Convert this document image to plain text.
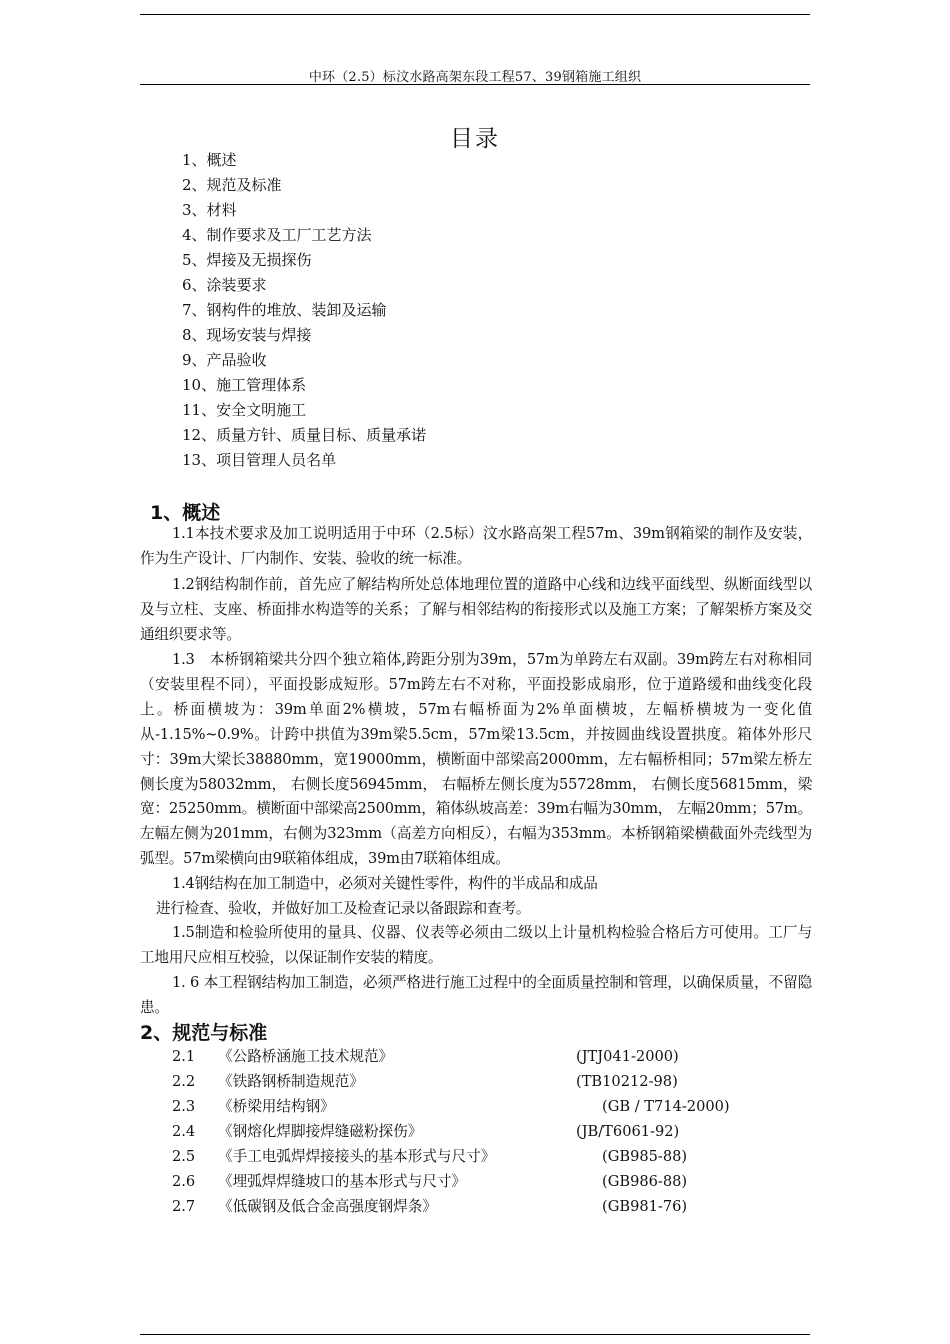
中环（2.5）标汶水路高架东段工程57、39钢箱施工组织
目录
1、概述
2、规范及标准
3、材料
4、制作要求及工厂工艺方法
5、焊接及无损探伤
6、涂装要求
7、钢构件的堆放、装卸及运输
8、现场安装与焊接
9、产品验收
10、施工管理体系
11、安全文明施工
12、质量方针、质量目标、质量承诺
13、项目管理人员名单
1、概述
1.1本技术要求及加工说明适用于中环（2.5标）汶水路高架工程57m、39m钢箱梁的制作及安装，作为生产设计、厂内制作、安装、验收的统一标准。
1.2钢结构制作前，首先应了解结构所处总体地理位置的道路中心线和边线平面线型、纵断面线型以及与立柱、支座、桥面排水构造等的关系；了解与相邻结构的衔接形式以及施工方案；了解架桥方案及交通组织要求等。
1.3　本桥钢箱梁共分四个独立箱体,跨距分别为39m，57m为单跨左右双副。39m跨左右对称相同（安装里程不同），平面投影成短形。57m跨左右不对称，平面投影成扇形，位于道路缓和曲线变化段上。桥面横坡为：39m单面2%横坡，57m右幅桥面为2%单面横坡，左幅桥横坡为一变化值从-1.15%~0.9%。计跨中拱值为39m梁5.5cm，57m梁13.5cm，并按圆曲线设置拱度。箱体外形尺寸：39m大梁长38880mm，宽19000mm，横断面中部梁高2000mm，左右幅桥相同；57m梁左桥左侧长度为58032mm， 右侧长度56945mm， 右幅桥左侧长度为55728mm， 右侧长度56815mm，梁宽：25250mm。横断面中部梁高2500mm，箱体纵坡高差：39m右幅为30mm， 左幅20mm；57m。左幅左侧为201mm，右侧为323mm（高差方向相反），右幅为353mm。本桥钢箱梁横截面外壳线型为弧型。57m梁横向由9联箱体组成，39m由7联箱体组成。
1.4钢结构在加工制造中，必须对关键性零件，构件的半成品和成品
进行检查、验收，并做好加工及检查记录以备跟踪和查考。
1.5制造和检验所使用的量具、仪器、仪表等必须由二级以上计量机构检验合格后方可使用。工厂与工地用尺应相互校验，以保证制作安装的精度。
1. 6 本工程钢结构加工制造，必须严格进行施工过程中的全面质量控制和管理，以确保质量，不留隐患。
2、规范与标准
2.1 《公路桥涵施工技术规范》	(JTJ041-2000)
2.2 《铁路钢桥制造规范》	(TB10212-98)
2.3 《桥梁用结构钢》	(GB / T714-2000)
2.4 《钢熔化焊脚接焊缝磁粉探伤》	(JB/T6061-92)
2.5 《手工电弧焊焊接接头的基本形式与尺寸》	(GB985-88)
2.6 《埋弧焊焊缝坡口的基本形式与尺寸》	(GB986-88)
2.7 《低碳钢及低合金高强度钢焊条》	(GB981-76)
